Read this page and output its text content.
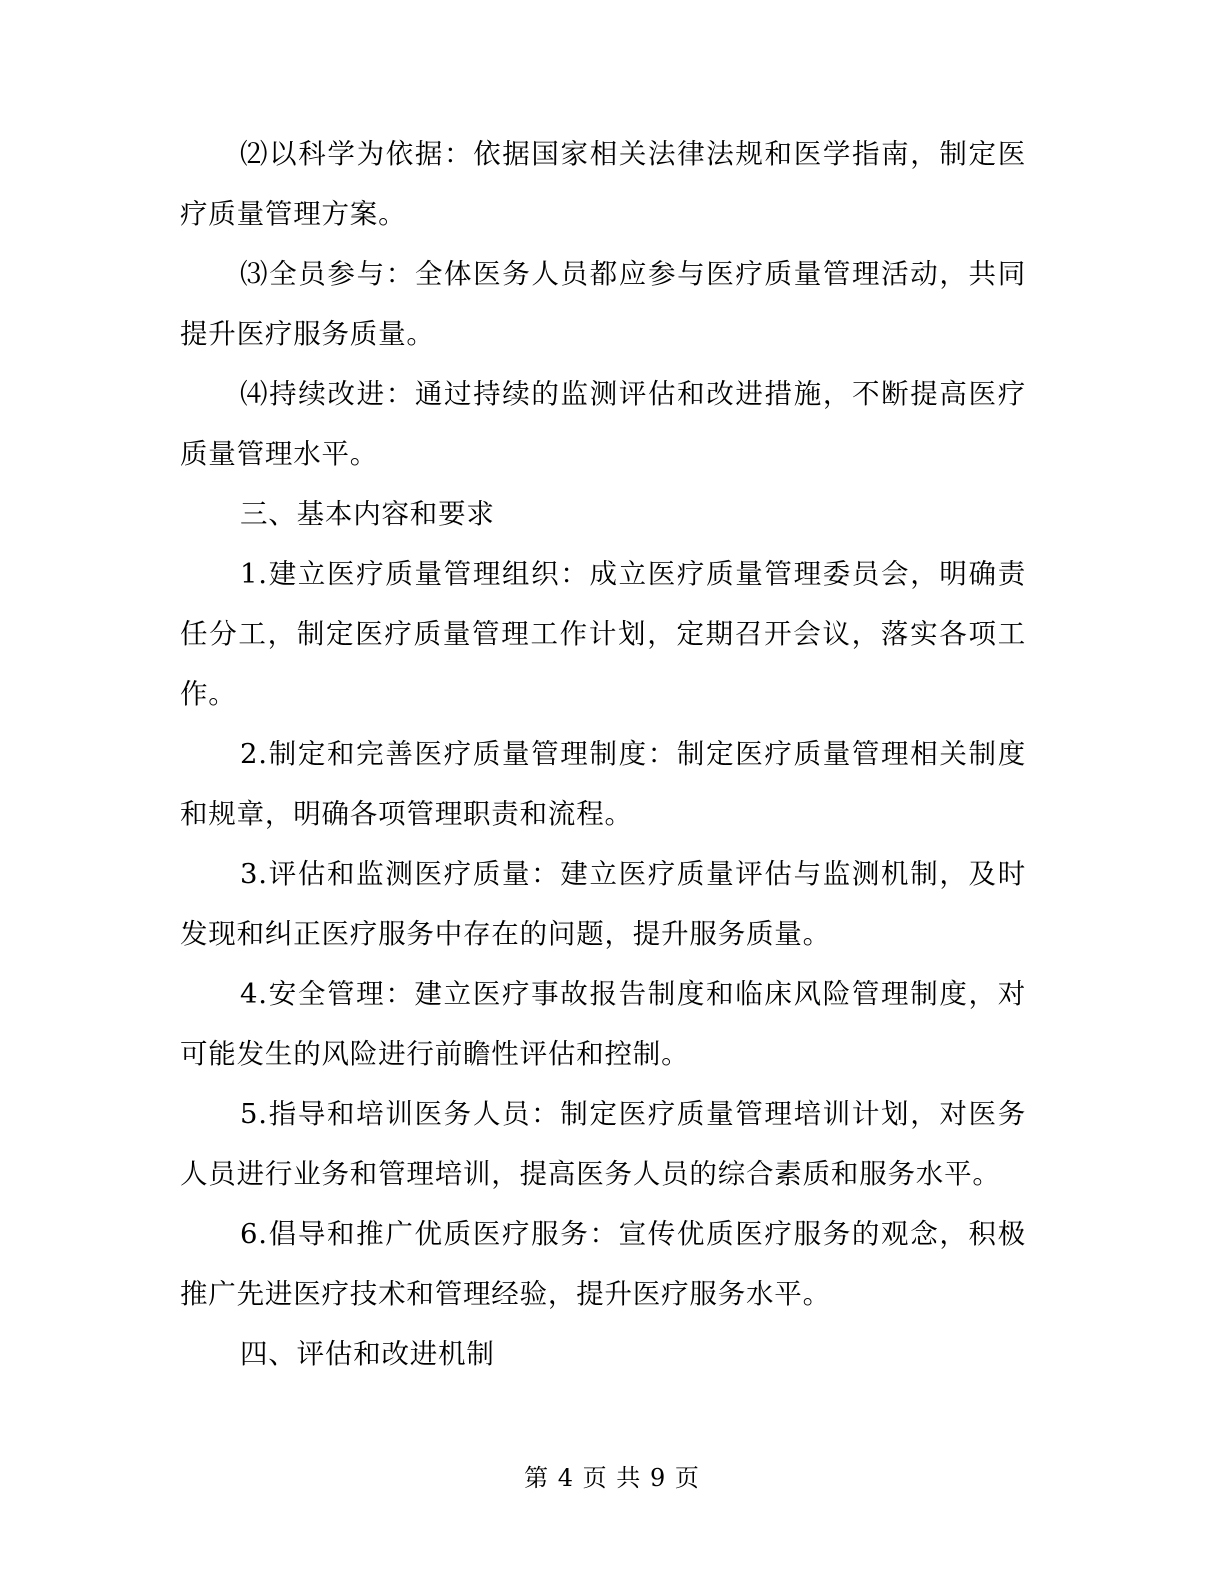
⑵以科学为依据：依据国家相关法律法规和医学指南，制定医疗质量管理方案。

⑶全员参与：全体医务人员都应参与医疗质量管理活动，共同提升医疗服务质量。

⑷持续改进：通过持续的监测评估和改进措施，不断提高医疗质量管理水平。

三、基本内容和要求

1.建立医疗质量管理组织：成立医疗质量管理委员会，明确责任分工，制定医疗质量管理工作计划，定期召开会议，落实各项工作。

2.制定和完善医疗质量管理制度：制定医疗质量管理相关制度和规章，明确各项管理职责和流程。

3.评估和监测医疗质量：建立医疗质量评估与监测机制，及时发现和纠正医疗服务中存在的问题，提升服务质量。

4.安全管理：建立医疗事故报告制度和临床风险管理制度，对可能发生的风险进行前瞻性评估和控制。

5.指导和培训医务人员：制定医疗质量管理培训计划，对医务人员进行业务和管理培训，提高医务人员的综合素质和服务水平。

6.倡导和推广优质医疗服务：宣传优质医疗服务的观念，积极推广先进医疗技术和管理经验，提升医疗服务水平。

四、评估和改进机制

第 4 页 共 9 页
